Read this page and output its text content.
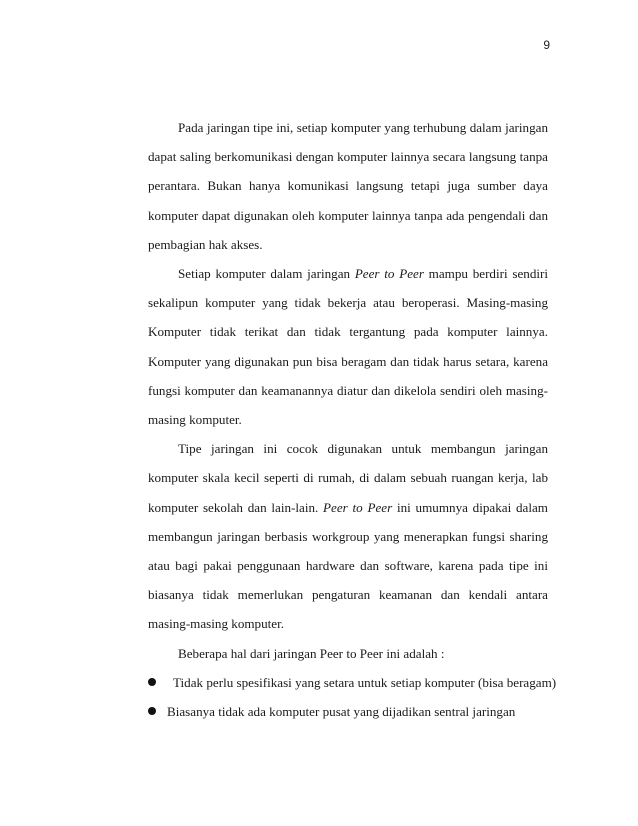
9

Pada jaringan tipe ini, setiap komputer yang terhubung dalam jaringan dapat saling berkomunikasi dengan komputer lainnya secara langsung tanpa perantara. Bukan hanya komunikasi langsung tetapi juga sumber daya komputer dapat digunakan oleh komputer lainnya tanpa ada pengendali dan pembagian hak akses.

Setiap komputer dalam jaringan Peer to Peer mampu berdiri sendiri sekalipun komputer yang tidak bekerja atau beroperasi. Masing-masing Komputer tidak terikat dan tidak tergantung pada komputer lainnya. Komputer yang digunakan pun bisa beragam dan tidak harus setara, karena fungsi komputer dan keamanannya diatur dan dikelola sendiri oleh masing-masing komputer.

Tipe jaringan ini cocok digunakan untuk membangun jaringan komputer skala kecil seperti di rumah, di dalam sebuah ruangan kerja, lab komputer sekolah dan lain-lain. Peer to Peer ini umumnya dipakai dalam membangun jaringan berbasis workgroup yang menerapkan fungsi sharing atau bagi pakai penggunaan hardware dan software, karena pada tipe ini biasanya tidak memerlukan pengaturan keamanan dan kendali antara masing-masing komputer.

Beberapa hal dari jaringan Peer to Peer ini adalah :

Tidak perlu spesifikasi yang setara untuk setiap komputer (bisa beragam)
Biasanya tidak ada komputer pusat yang dijadikan sentral jaringan
